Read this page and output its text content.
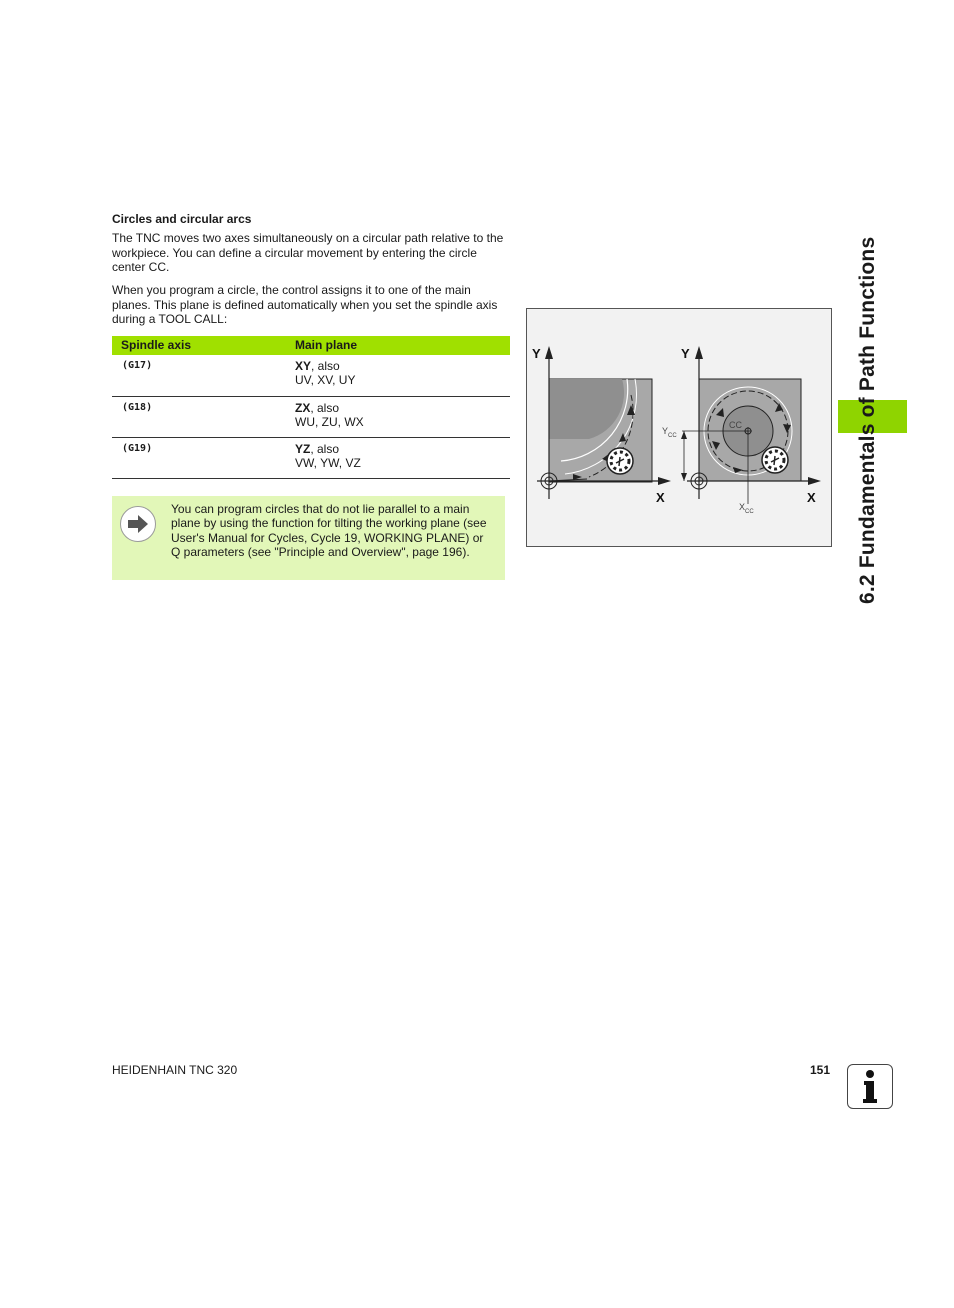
Circles and circular arcs
The TNC moves two axes simultaneously on a circular path relative to the workpiece. You can define a circular movement by entering the circle center CC.
When you program a circle, the control assigns it to one of the main planes. This plane is defined automatically when you set the spindle axis during a TOOL CALL:
Spindle axis	Main plane
(G17)	XY, also
UV, XV, UY
(G18)	ZX, also
WU, ZU, WX
(G19)	YZ, also
VW, YW, VZ
You can program circles that do not lie parallel to a main plane by using the function for tilting the working plane (see User's Manual for Cycles, Cycle 19, WORKING PLANE) or Q parameters (see "Principle and Overview", page 196).
Y
X
Y
X
CC
$Y_{CC}$
$X_{CC}$	6.2 Fundamentals of Path Functions
HEIDENHAIN TNC 320	151
